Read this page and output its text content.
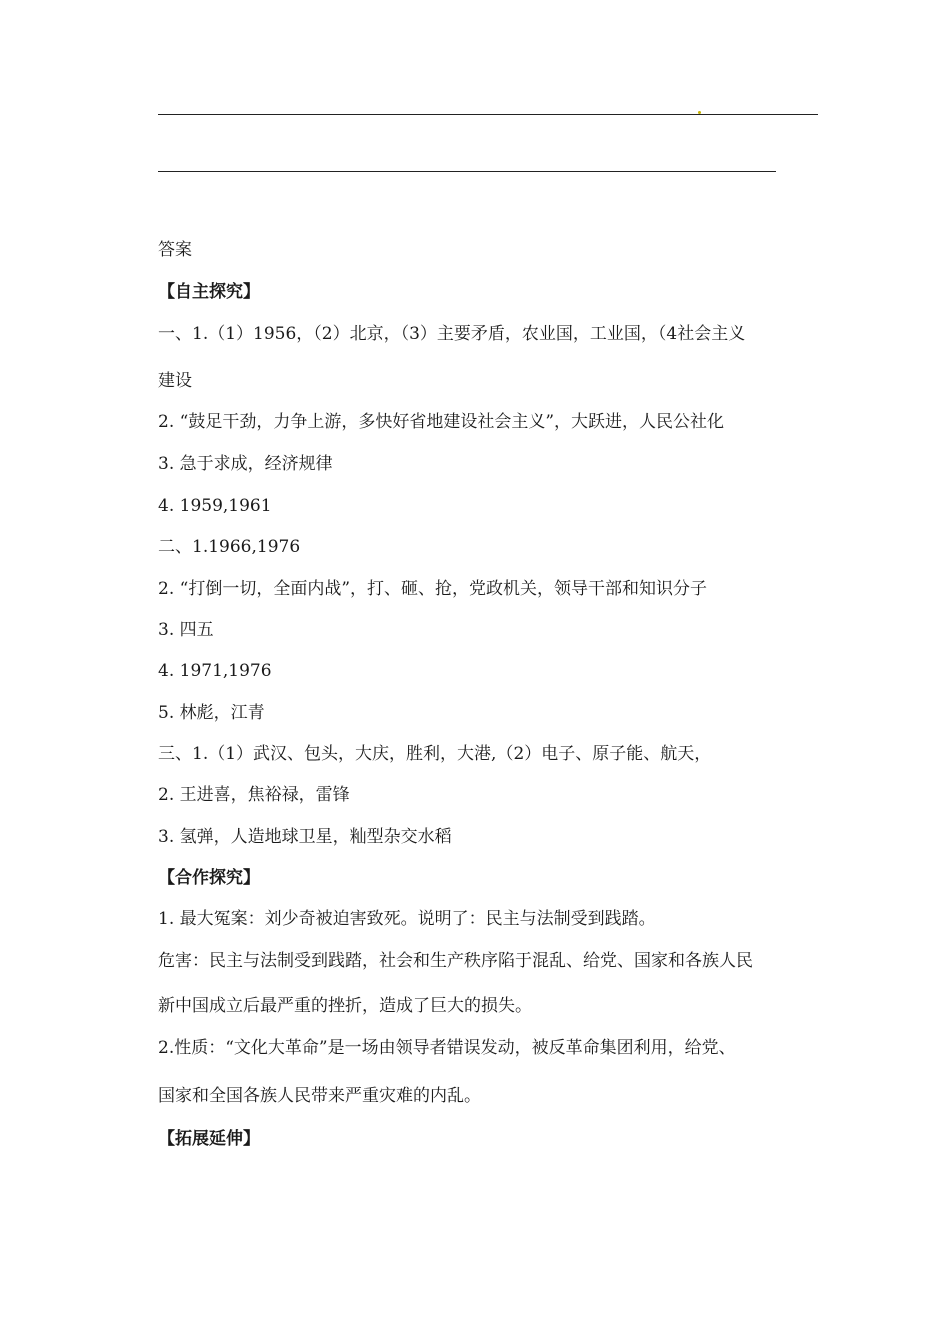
答案
【自主探究】
一、1.（1）1956，（2）北京，（3）主要矛盾，农业国，工业国，（4社会主义
建设
2. “鼓足干劲，力争上游，多快好省地建设社会主义”，大跃进，人民公社化
3. 急于求成，经济规律
4. 1959,1961
二、1.1966,1976
2. “打倒一切，全面内战”，打、砸、抢，党政机关，领导干部和知识分子
3. 四五
4. 1971,1976
5. 林彪，江青
三、1.（1）武汉、包头，大庆，胜利，大港,（2）电子、原子能、航天，
2. 王进喜，焦裕禄，雷锋
3. 氢弹，人造地球卫星，籼型杂交水稻
【合作探究】
1. 最大冤案：刘少奇被迫害致死。说明了：民主与法制受到践踏。
危害：民主与法制受到践踏，社会和生产秩序陷于混乱、给党、国家和各族人民
新中国成立后最严重的挫折，造成了巨大的损失。
2.性质：“文化大革命”是一场由领导者错误发动，被反革命集团利用，给党、
国家和全国各族人民带来严重灾难的内乱。
【拓展延伸】
